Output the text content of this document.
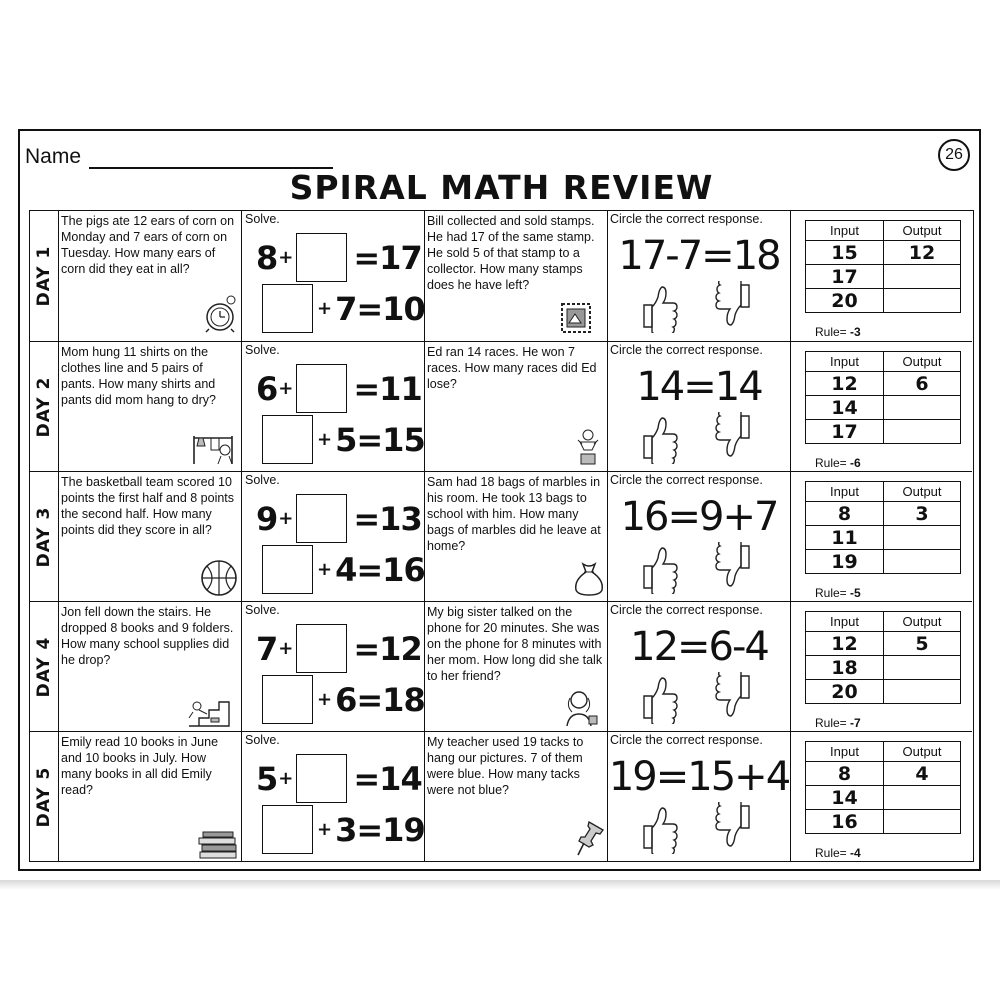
Name	26
SPIRAL MATH REVIEW
DAY 1
The pigs ate 12 ears of corn on Monday and 7 ears of corn on Tuesday. How many ears of corn did they eat in all?
Solve.
8 + =17
+ 7 =10
Bill collected and sold stamps. He had 17 of the same stamp. He sold 5 of that stamp to a collector. How many stamps does he have left?
Circle the correct response.
17-7=18
Input	Output
15	12
17	
20	
Rule= -3
DAY 2
Mom hung 11 shirts on the clothes line and 5 pairs of pants. How many shirts and pants did mom hang to dry?
Solve.
6 + =11
+ 5 =15
Ed ran 14 races. He won 7 races. How many races did Ed lose?
Circle the correct response.
14=14
Input	Output
12	6
14	
17	
Rule= -6
DAY 3
The basketball team scored 10 points the first half and 8 points the second half. How many points did they score in all?
Solve.
9 + =13
+ 4 =16
Sam had 18 bags of marbles in his room. He took 13 bags to school with him. How many bags of marbles did he leave at home?
Circle the correct response.
16=9+7
Input	Output
8	3
11	
19	
Rule= -5
DAY 4
Jon fell down the stairs. He dropped 8 books and 9 folders. How many school supplies did he drop?
Solve.
7 + =12
+ 6 =18
My big sister talked on the phone for 20 minutes. She was on the phone for 8 minutes with her mom. How long did she talk to her friend?
Circle the correct response.
12=6-4
Input	Output
12	5
18	
20	
Rule= -7
DAY 5
Emily read 10 books in June and 10 books in July. How many books in all did Emily read?
Solve.
5 + =14
+ 3 =19
My teacher used 19 tacks to hang our pictures. 7 of them were blue. How many tacks were not blue?
Circle the correct response.
19=15+4
Input	Output
8	4
14	
16	
Rule= -4
